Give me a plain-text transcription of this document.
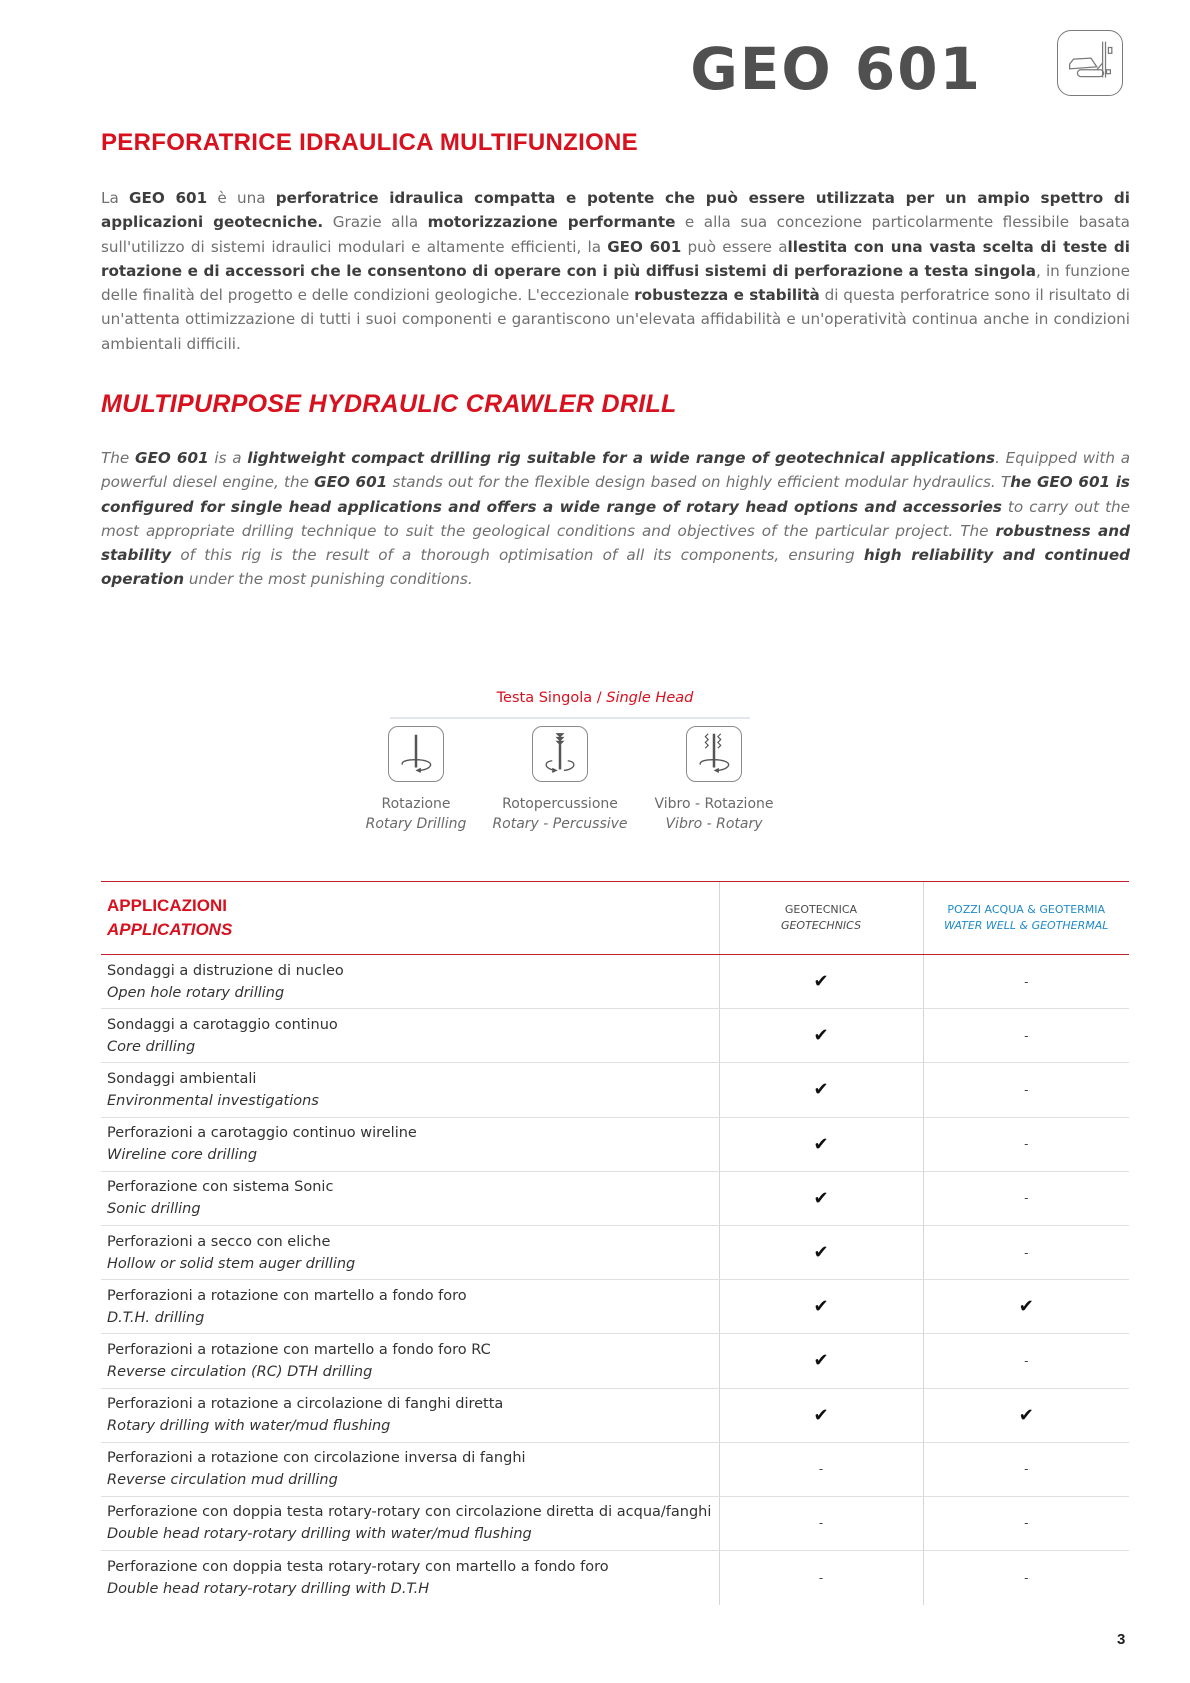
GEO 601
PERFORATRICE IDRAULICA MULTIFUNZIONE
La GEO 601 è una perforatrice idraulica compatta e potente che può essere utilizzata per un ampio spettro di applicazioni geotecniche. Grazie alla motorizzazione performante e alla sua concezione particolarmente flessibile basata sull'utilizzo di sistemi idraulici modulari e altamente efficienti, la GEO 601 può essere allestita con una vasta scelta di teste di rotazione e di accessori che le consentono di operare con i più diffusi sistemi di perforazione a testa singola, in funzione delle finalità del progetto e delle condizioni geologiche. L'eccezionale robustezza e stabilità di questa perforatrice sono il risultato di un'attenta ottimizzazione di tutti i suoi componenti e garantiscono un'elevata affidabilità e un'operatività continua anche in condizioni ambientali difficili.
MULTIPURPOSE HYDRAULIC CRAWLER DRILL
The GEO 601 is a lightweight compact drilling rig suitable for a wide range of geotechnical applications. Equipped with a powerful diesel engine, the GEO 601 stands out for the flexible design based on highly efficient modular hydraulics. The GEO 601 is configured for single head applications and offers a wide range of rotary head options and accessories to carry out the most appropriate drilling technique to suit the geological conditions and objectives of the particular project. The robustness and stability of this rig is the result of a thorough optimisation of all its components, ensuring high reliability and continued operation under the most punishing conditions.
Testa Singola / Single Head
Rotazione
Rotary Drilling
Rotopercussione
Rotary - Percussive
Vibro - Rotazione
Vibro - Rotary
APPLICAZIONI
APPLICATIONS

GEOTECNICA
GEOTECHNICS

POZZI ACQUA & GEOTERMIA
WATER WELL & GEOTHERMAL

Sondaggi a distruzione di nucleo
Open hole rotary drilling	✔	-

Sondaggi a carotaggio continuo
Core drilling	✔	-

Sondaggi ambientali
Environmental investigations	✔	-

Perforazioni a carotaggio continuo wireline
Wireline core drilling	✔	-

Perforazione con sistema Sonic
Sonic drilling	✔	-

Perforazioni a secco con eliche
Hollow or solid stem auger drilling	✔	-

Perforazioni a rotazione con martello a fondo foro
D.T.H. drilling	✔	✔

Perforazioni a rotazione con martello a fondo foro RC
Reverse circulation (RC) DTH drilling	✔	-

Perforazioni a rotazione a circolazione di fanghi diretta
Rotary drilling with water/mud flushing	✔	✔

Perforazioni a rotazione con circolazione inversa di fanghi
Reverse circulation mud drilling	-	-

Perforazione con doppia testa rotary-rotary con circolazione diretta di acqua/fanghi
Double head rotary-rotary drilling with water/mud flushing	-	-

Perforazione con doppia testa rotary-rotary con martello a fondo foro
Double head rotary-rotary drilling with D.T.H	-	-
3
